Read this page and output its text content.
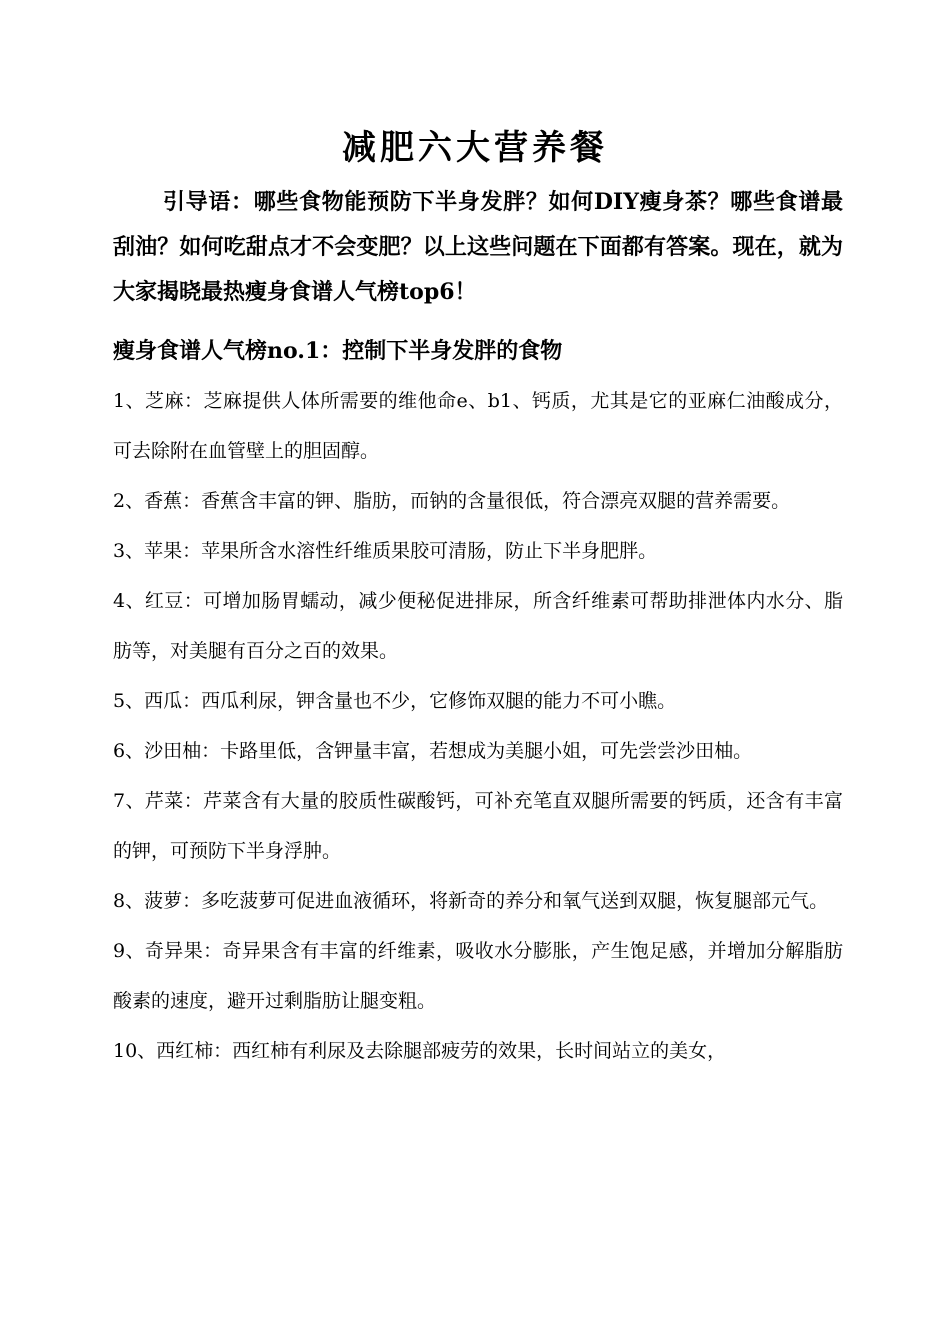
减肥六大营养餐
引导语：哪些食物能预防下半身发胖？如何DIY瘦身茶？哪些食谱最刮油？如何吃甜点才不会变肥？以上这些问题在下面都有答案。现在，就为大家揭晓最热瘦身食谱人气榜top6！
瘦身食谱人气榜no.1：控制下半身发胖的食物
1、芝麻：芝麻提供人体所需要的维他命e、b1、钙质，尤其是它的亚麻仁油酸成分，可去除附在血管壁上的胆固醇。
2、香蕉：香蕉含丰富的钾、脂肪，而钠的含量很低，符合漂亮双腿的营养需要。
3、苹果：苹果所含水溶性纤维质果胶可清肠，防止下半身肥胖。
4、红豆：可增加肠胃蠕动，减少便秘促进排尿，所含纤维素可帮助排泄体内水分、脂肪等，对美腿有百分之百的效果。
5、西瓜：西瓜利尿，钾含量也不少，它修饰双腿的能力不可小瞧。
6、沙田柚：卡路里低，含钾量丰富，若想成为美腿小姐，可先尝尝沙田柚。
7、芹菜：芹菜含有大量的胶质性碳酸钙，可补充笔直双腿所需要的钙质，还含有丰富的钾，可预防下半身浮肿。
8、菠萝：多吃菠萝可促进血液循环，将新奇的养分和氧气送到双腿，恢复腿部元气。
9、奇异果：奇异果含有丰富的纤维素，吸收水分膨胀，产生饱足感，并增加分解脂肪酸素的速度，避开过剩脂肪让腿变粗。
10、西红柿：西红柿有利尿及去除腿部疲劳的效果，长时间站立的美女，
